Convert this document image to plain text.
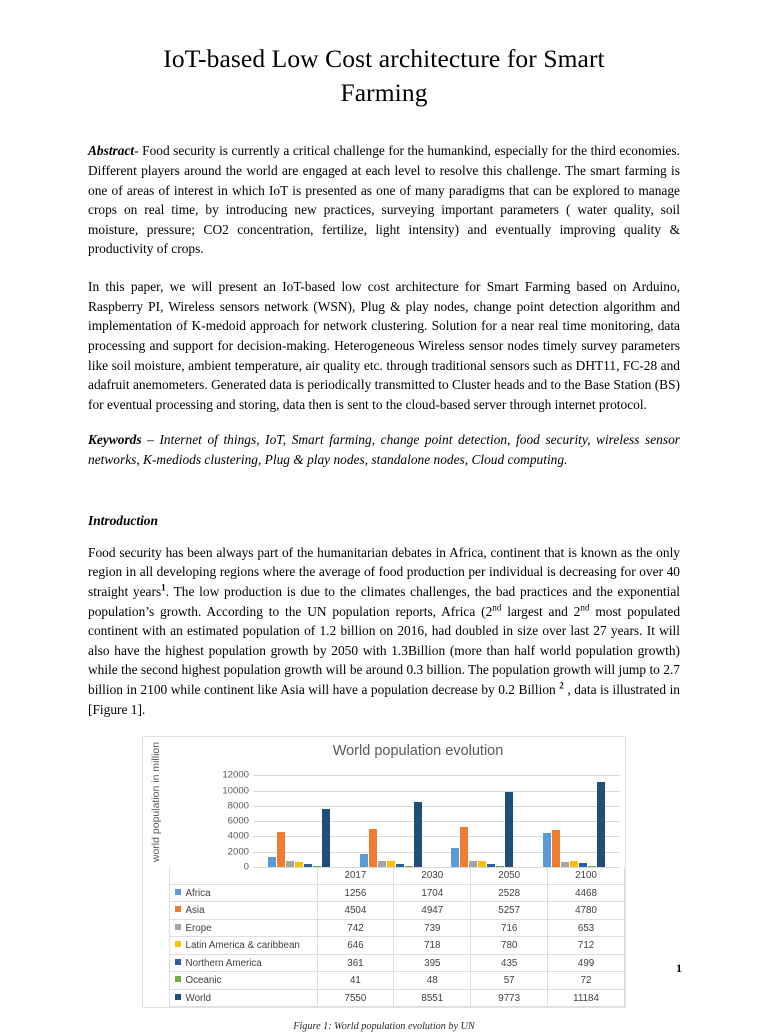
IoT-based Low Cost architecture for Smart Farming

Abstract- Food security is currently a critical challenge for the humankind, especially for the third economies. Different players around the world are engaged at each level to resolve this challenge. The smart farming is one of areas of interest in which IoT is presented as one of many paradigms that can be explored to manage crops on real time, by introducing new practices, surveying important parameters ( water quality, soil moisture, pressure; CO2 concentration, fertilize, light intensity) and eventually improving quality & productivity of crops.

In this paper, we will present an IoT-based low cost architecture for Smart Farming based on Arduino, Raspberry PI, Wireless sensors network (WSN), Plug & play nodes, change point detection algorithm and implementation of K-medoid approach for network clustering. Solution for a near real time monitoring, data processing and support for decision-making. Heterogeneous Wireless sensor nodes timely survey parameters like soil moisture, ambient temperature, air quality etc. through traditional sensors such as DHT11, FC-28 and adafruit anemometers. Generated data is periodically transmitted to Cluster heads and to the Base Station (BS) for eventual processing and storing, data then is sent to the cloud-based server through internet protocol.

Keywords – Internet of things, IoT, Smart farming, change point detection, food security, wireless sensor networks, K-mediods clustering, Plug & play nodes, standalone nodes, Cloud computing.

Introduction

Food security has been always part of the humanitarian debates in Africa, continent that is known as the only region in all developing regions where the average of food production per individual is decreasing for over 40 straight years$^1$. The low production is due to the climates challenges, the bad practices and the exponential population’s growth. According to the UN population reports, Africa (2nd largest and 2nd most populated continent with an estimated population of 1.2 billion on 2016, had doubled in size over last 27 years. It will also have the highest population growth by 2050 with 1.3Billion (more than half world population growth) while the second highest population growth will be around 0.3 billion. The population growth will jump to 2.7 billion in 2100 while continent like Asia will have a population decrease by 0.2 Billion $^2$ , data is illustrated in [Figure 1].

world population in million	World population evolution
12000
10000
8000
6000
4000
2000
0
		2017	2030	2050	2100
	Africa	1256	1704	2528	4468
	Asia	4504	4947	5257	4780
	Erope	742	739	716	653
	Latin America & caribbean	646	718	780	712
	Northern America	361	395	435	499
	Oceanic	41	48	57	72
	World	7550	8551	9773	11184
Figure 1: World population evolution by UN
1
